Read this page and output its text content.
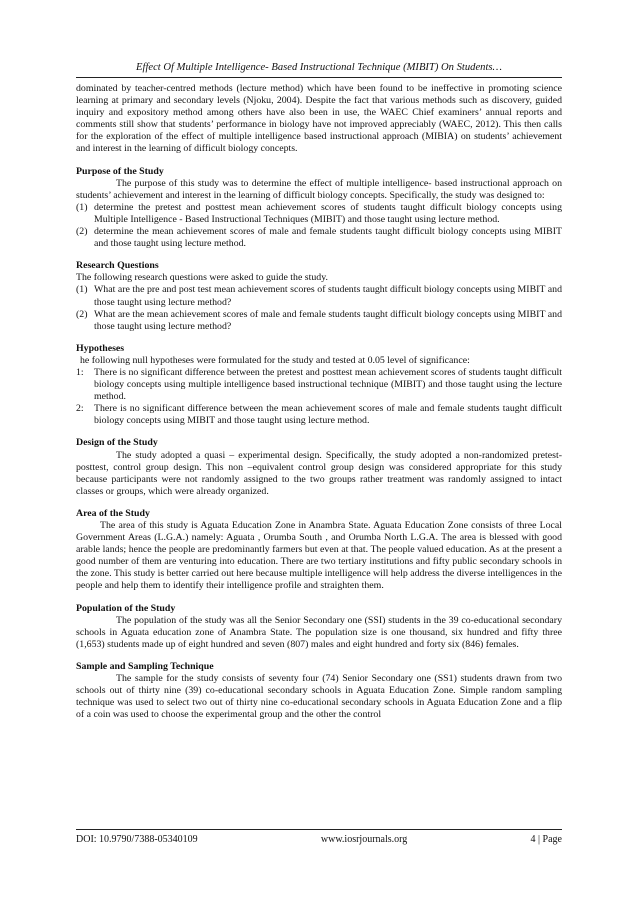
Effect Of Multiple Intelligence- Based Instructional Technique (MIBIT) On Students…

dominated by teacher-centred methods (lecture method) which have been found to be ineffective in promoting science learning at primary and secondary levels (Njoku, 2004). Despite the fact that various methods such as discovery, guided inquiry and expository method among others have also been in use, the WAEC Chief examiners’ annual reports and comments still show that students’ performance in biology have not improved appreciably (WAEC, 2012). This then calls for the exploration of the effect of multiple intelligence based instructional approach (MIBIA) on students’ achievement and interest in the learning of difficult biology concepts.

Purpose of the Study

The purpose of this study was to determine the effect of multiple intelligence- based instructional approach on students’ achievement and interest in the learning of difficult biology concepts. Specifically, the study was designed to:

(1) determine the pretest and posttest mean achievement scores of students taught difficult biology concepts using Multiple Intelligence - Based Instructional Techniques (MIBIT) and those taught using lecture method.
(2) determine the mean achievement scores of male and female students taught difficult biology concepts using MIBIT and those taught using lecture method.

Research Questions

The following research questions were asked to guide the study.

(1) What are the pre and post test mean achievement scores of students taught difficult biology concepts using MIBIT and those taught using lecture method?
(2) What are the mean achievement scores of male and female students taught difficult biology concepts using MIBIT and those taught using lecture method?

Hypotheses

he following null hypotheses were formulated for the study and tested at 0.05 level of significance:

1:	There is no significant difference between the pretest and posttest mean achievement scores of students taught difficult biology concepts using multiple intelligence based instructional technique (MIBIT) and those taught using the lecture method.
2:	There is no significant difference between the mean achievement scores of male and female students taught difficult biology concepts using MIBIT and those taught using lecture method.

Design of the Study

The study adopted a quasi – experimental design. Specifically, the study adopted a non-randomized pretest-posttest, control group design. This non –equivalent control group design was considered appropriate for this study because participants were not randomly assigned to the two groups rather treatment was randomly assigned to intact classes or groups, which were already organized.

Area of the Study

The area of this study is Aguata Education Zone in Anambra State. Aguata Education Zone consists of three Local Government Areas (L.G.A.) namely: Aguata , Orumba South , and Orumba North L.G.A. The area is blessed with good arable lands; hence the people are predominantly farmers but even at that. The people valued education. As at the present a good number of them are venturing into education. There are two tertiary institutions and fifty public secondary schools in the zone. This study is better carried out here because multiple intelligence will help address the diverse intelligences in the people and help them to identify their intelligence profile and straighten them.

Population of the Study

The population of the study was all the Senior Secondary one (SSI) students in the 39 co-educational secondary schools in Aguata education zone of Anambra State. The population size is one thousand, six hundred and fifty three (1,653) students made up of eight hundred and seven (807) males and eight hundred and forty six (846) females.

Sample and Sampling Technique

The sample for the study consists of seventy four (74) Senior Secondary one (SS1) students drawn from two schools out of thirty nine (39) co-educational secondary schools in Aguata Education Zone. Simple random sampling technique was used to select two out of thirty nine co-educational secondary schools in Aguata Education Zone and a flip of a coin was used to choose the experimental group and the other the control

DOI: 10.9790/7388-05340109	www.iosrjournals.org	4 | Page
